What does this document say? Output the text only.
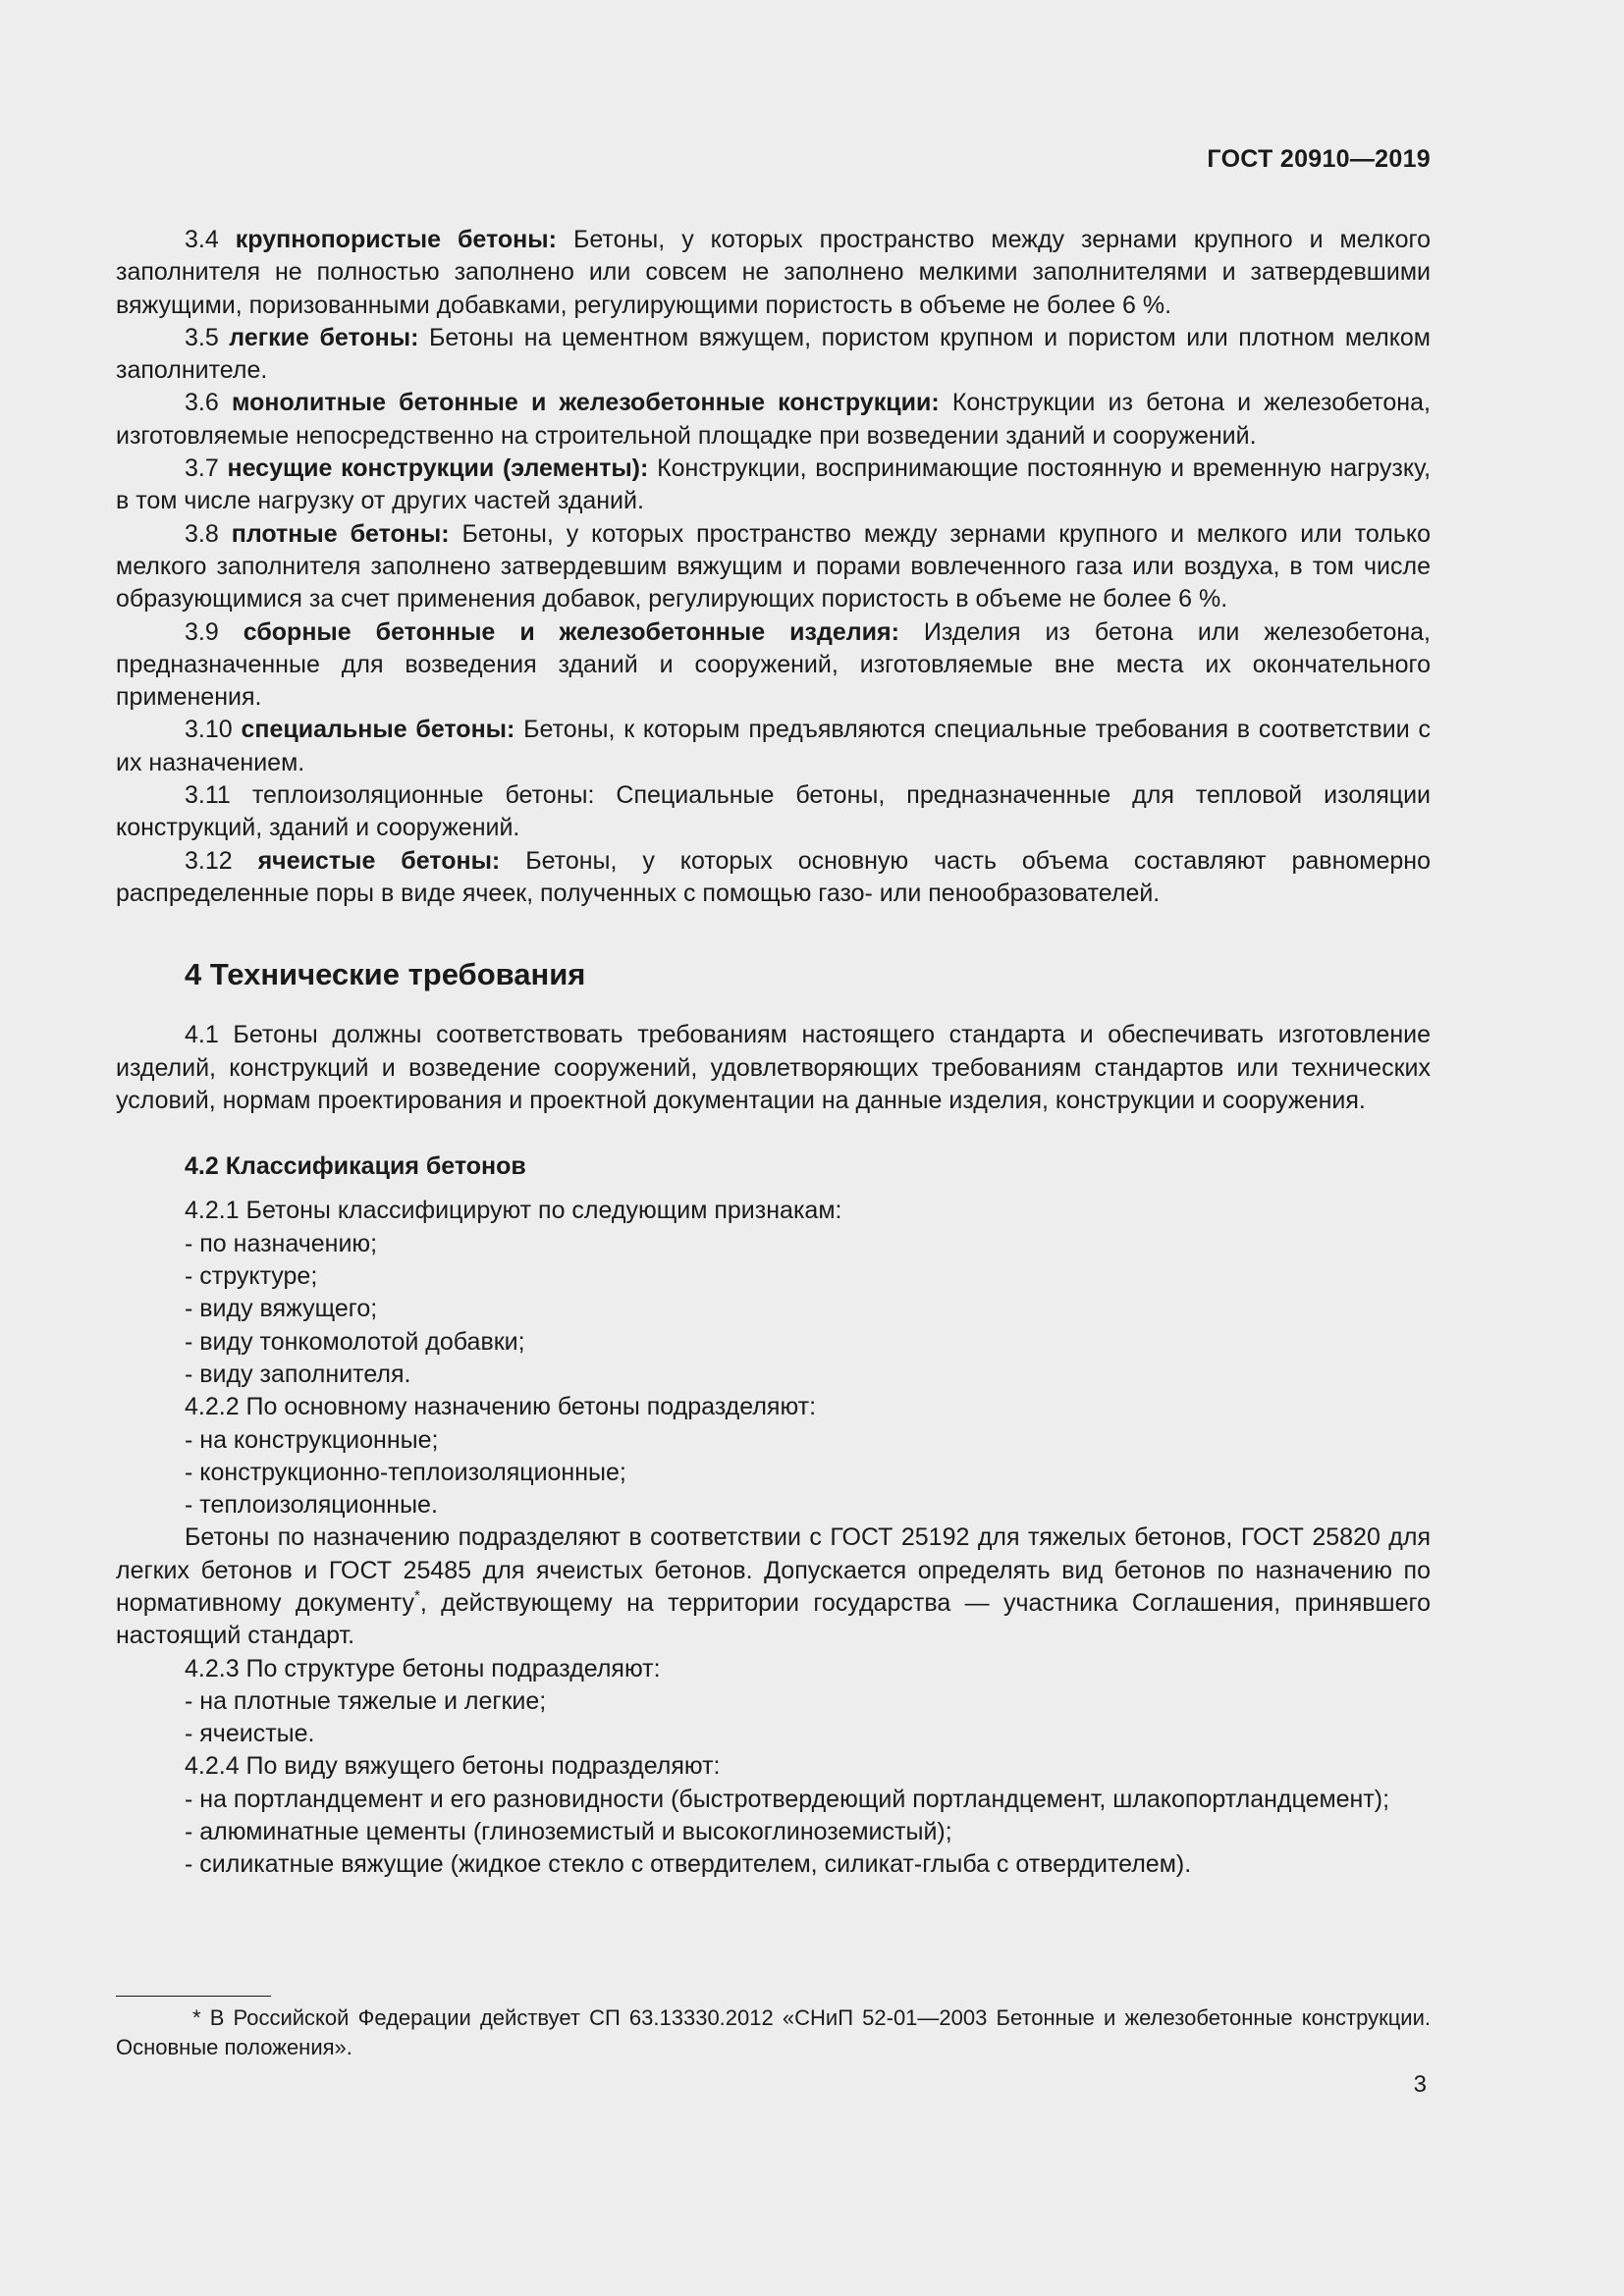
ГОСТ 20910—2019

3.4 крупнопористые бетоны: Бетоны, у которых пространство между зернами крупного и мелкого заполнителя не полностью заполнено или совсем не заполнено мелкими заполнителями и затвердевшими вяжущими, поризованными добавками, регулирующими пористость в объеме не более 6 %.

3.5 легкие бетоны: Бетоны на цементном вяжущем, пористом крупном и пористом или плотном мелком заполнителе.

3.6 монолитные бетонные и железобетонные конструкции: Конструкции из бетона и железобетона, изготовляемые непосредственно на строительной площадке при возведении зданий и сооружений.

3.7 несущие конструкции (элементы): Конструкции, воспринимающие постоянную и временную нагрузку, в том числе нагрузку от других частей зданий.

3.8 плотные бетоны: Бетоны, у которых пространство между зернами крупного и мелкого или только мелкого заполнителя заполнено затвердевшим вяжущим и порами вовлеченного газа или воздуха, в том числе образующимися за счет применения добавок, регулирующих пористость в объеме не более 6 %.

3.9 сборные бетонные и железобетонные изделия: Изделия из бетона или железобетона, предназначенные для возведения зданий и сооружений, изготовляемые вне места их окончательного применения.

3.10 специальные бетоны: Бетоны, к которым предъявляются специальные требования в соответствии с их назначением.

3.11 теплоизоляционные бетоны: Специальные бетоны, предназначенные для тепловой изоляции конструкций, зданий и сооружений.

3.12 ячеистые бетоны: Бетоны, у которых основную часть объема составляют равномерно распределенные поры в виде ячеек, полученных с помощью газо- или пенообразователей.

4 Технические требования

4.1 Бетоны должны соответствовать требованиям настоящего стандарта и обеспечивать изготовление изделий, конструкций и возведение сооружений, удовлетворяющих требованиям стандартов или технических условий, нормам проектирования и проектной документации на данные изделия, конструкции и сооружения.

4.2 Классификация бетонов

4.2.1 Бетоны классифицируют по следующим признакам:

- по назначению;

- структуре;

- виду вяжущего;

- виду тонкомолотой добавки;

- виду заполнителя.

4.2.2 По основному назначению бетоны подразделяют:

- на конструкционные;

- конструкционно-теплоизоляционные;

- теплоизоляционные.

Бетоны по назначению подразделяют в соответствии с ГОСТ 25192 для тяжелых бетонов, ГОСТ 25820 для легких бетонов и ГОСТ 25485 для ячеистых бетонов. Допускается определять вид бетонов по назначению по нормативному документу*, действующему на территории государства — участника Соглашения, принявшего настоящий стандарт.

4.2.3 По структуре бетоны подразделяют:

- на плотные тяжелые и легкие;

- ячеистые.

4.2.4 По виду вяжущего бетоны подразделяют:

- на портландцемент и его разновидности (быстротвердеющий портландцемент, шлакопортландцемент);

- алюминатные цементы (глиноземистый и высокоглиноземистый);

- силикатные вяжущие (жидкое стекло с отвердителем, силикат-глыба с отвердителем).

* В Российской Федерации действует СП 63.13330.2012 «СНиП 52-01—2003 Бетонные и железобетонные конструкции. Основные положения».

3
